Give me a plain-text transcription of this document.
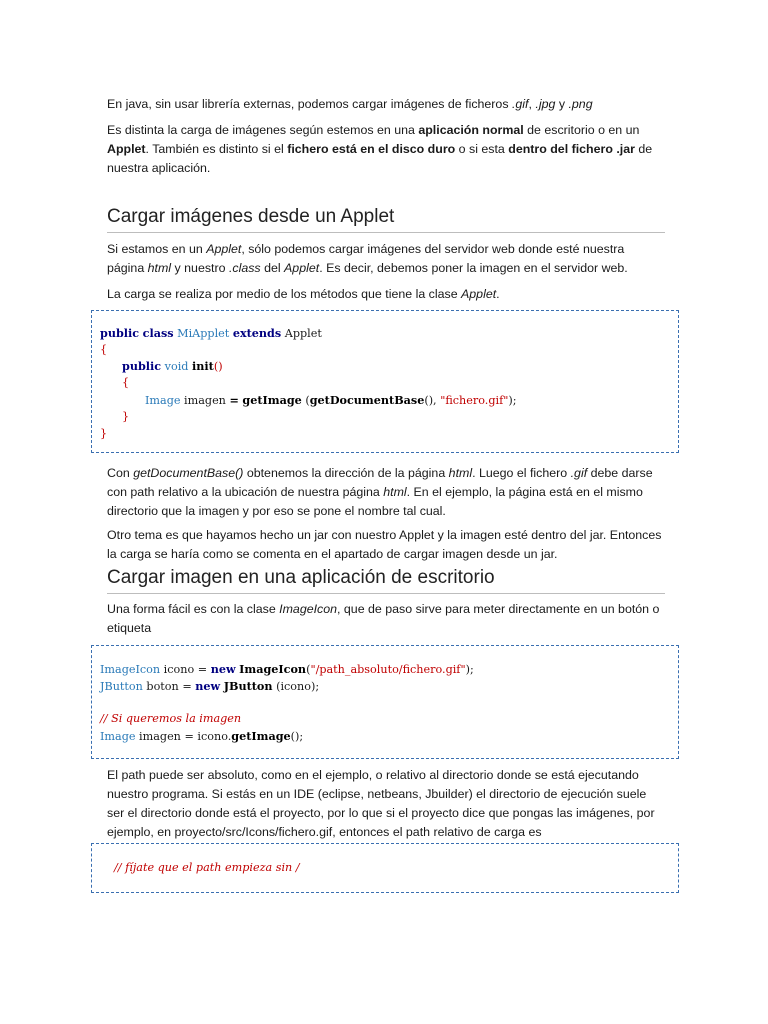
En java, sin usar librería externas, podemos cargar imágenes de ficheros .gif, .jpg y .png

Es distinta la carga de imágenes según estemos en una aplicación normal de escritorio o en un Applet. También es distinto si el fichero está en el disco duro o si esta dentro del fichero .jar de nuestra aplicación.

Cargar imágenes desde un Applet

Si estamos en un Applet, sólo podemos cargar imágenes del servidor web donde esté nuestra página html y nuestro .class del Applet. Es decir, debemos poner la imagen en el servidor web.

La carga se realiza por medio de los métodos que tiene la clase Applet.

public class MiApplet extends Applet

{

public void init()

{

Image imagen = getImage (getDocumentBase(), "fichero.gif");

}

}

Con getDocumentBase() obtenemos la dirección de la página html. Luego el fichero .gif debe darse con path relativo a la ubicación de nuestra página html. En el ejemplo, la página está en el mismo directorio que la imagen y por eso se pone el nombre tal cual.

Otro tema es que hayamos hecho un jar con nuestro Applet y la imagen esté dentro del jar. Entonces la carga se haría como se comenta en el apartado de cargar imagen desde un jar.

Cargar imagen en una aplicación de escritorio

Una forma fácil es con la clase ImageIcon, que de paso sirve para meter directamente en un botón o etiqueta

ImageIcon icono = new ImageIcon("/path_absoluto/fichero.gif");

JButton boton = new JButton (icono);

// Si queremos la imagen

Image imagen = icono.getImage();

El path puede ser absoluto, como en el ejemplo, o relativo al directorio donde se está ejecutando nuestro programa. Si estás en un IDE (eclipse, netbeans, Jbuilder) el directorio de ejecución suele ser el directorio donde está el proyecto, por lo que si el proyecto dice que pongas las imágenes, por ejemplo, en proyecto/src/Icons/fichero.gif, entonces el path relativo de carga es

// fíjate que el path empieza sin /
